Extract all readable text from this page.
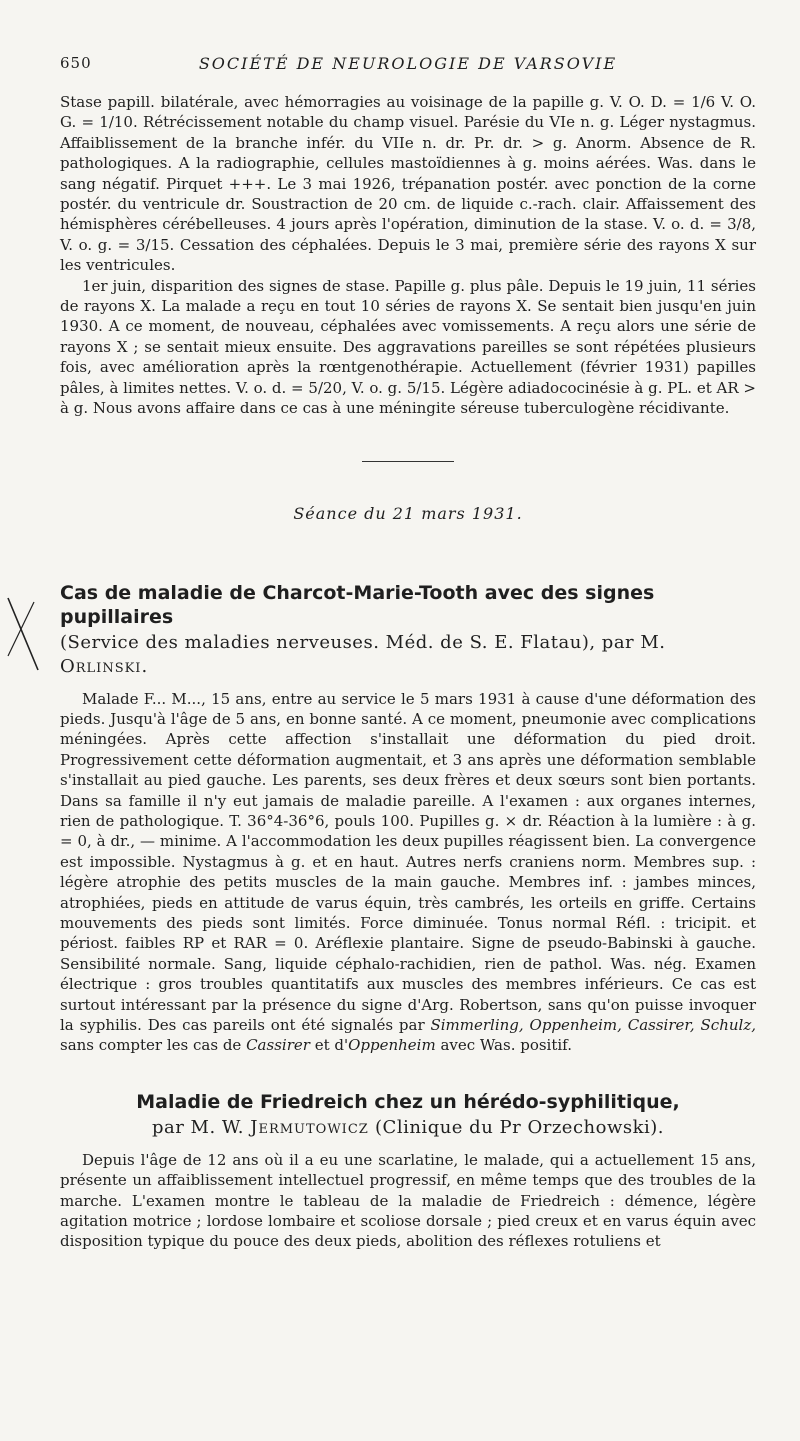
650	SOCIÉTÉ DE NEUROLOGIE DE VARSOVIE

Stase papill. bilatérale, avec hémorragies au voisinage de la papille g. V. O. D. = 1/6 V. O. G. = 1/10. Rétrécissement notable du champ visuel. Parésie du VIe n. g. Léger nystagmus. Affaiblissement de la branche infér. du VIIe n. dr. Pr. dr. > g. Anorm. Absence de R. pathologiques. A la radiographie, cellules mastoïdiennes à g. moins aérées. Was. dans le sang négatif. Pirquet +++. Le 3 mai 1926, trépanation postér. avec ponction de la corne postér. du ventricule dr. Soustraction de 20 cm. de liquide c.-rach. clair. Affaissement des hémisphères cérébelleuses. 4 jours après l'opération, diminution de la stase. V. o. d. = 3/8, V. o. g. = 3/15. Cessation des céphalées. Depuis le 3 mai, première série des rayons X sur les ventricules.

1er juin, disparition des signes de stase. Papille g. plus pâle. Depuis le 19 juin, 11 séries de rayons X. La malade a reçu en tout 10 séries de rayons X. Se sentait bien jusqu'en juin 1930. A ce moment, de nouveau, céphalées avec vomissements. A reçu alors une série de rayons X ; se sentait mieux ensuite. Des aggravations pareilles se sont répétées plusieurs fois, avec amélioration après la rœntgenothérapie. Actuellement (février 1931) papilles pâles, à limites nettes. V. o. d. = 5/20, V. o. g. 5/15. Légère adiadococinésie à g. PL. et AR > à g. Nous avons affaire dans ce cas à une méningite séreuse tuberculogène récidivante.

Séance du 21 mars 1931.
Cas de maladie de Charcot-Marie-Tooth avec des signes pupillaires
(Service des maladies nerveuses. Méd. de S. E. Flatau), par M. Orlinski.

Malade F... M..., 15 ans, entre au service le 5 mars 1931 à cause d'une déformation des pieds. Jusqu'à l'âge de 5 ans, en bonne santé. A ce moment, pneumonie avec complications méningées. Après cette affection s'installait une déformation du pied droit. Progressivement cette déformation augmentait, et 3 ans après une déformation semblable s'installait au pied gauche. Les parents, ses deux frères et deux sœurs sont bien portants. Dans sa famille il n'y eut jamais de maladie pareille. A l'examen : aux organes internes, rien de pathologique. T. 36°4-36°6, pouls 100. Pupilles g. × dr. Réaction à la lumière : à g. = 0, à dr., — minime. A l'accommodation les deux pupilles réagissent bien. La convergence est impossible. Nystagmus à g. et en haut. Autres nerfs craniens norm. Membres sup. : légère atrophie des petits muscles de la main gauche. Membres inf. : jambes minces, atrophiées, pieds en attitude de varus équin, très cambrés, les orteils en griffe. Certains mouvements des pieds sont limités. Force diminuée. Tonus normal Réfl. : tricipit. et périost. faibles RP et RAR = 0. Aréflexie plantaire. Signe de pseudo-Babinski à gauche. Sensibilité normale. Sang, liquide céphalo-rachidien, rien de pathol. Was. nég. Examen électrique : gros troubles quantitatifs aux muscles des membres inférieurs. Ce cas est surtout intéressant par la présence du signe d'Arg. Robertson, sans qu'on puisse invoquer la syphilis. Des cas pareils ont été signalés par Simmerling, Oppenheim, Cassirer, Schulz, sans compter les cas de Cassirer et d'Oppenheim avec Was. positif.

Maladie de Friedreich chez un hérédo-syphilitique,
par M. W. Jermutowicz (Clinique du Pr Orzechowski).

Depuis l'âge de 12 ans où il a eu une scarlatine, le malade, qui a actuellement 15 ans, présente un affaiblissement intellectuel progressif, en même temps que des troubles de la marche. L'examen montre le tableau de la maladie de Friedreich : démence, légère agitation motrice ; lordose lombaire et scoliose dorsale ; pied creux et en varus équin avec disposition typique du pouce des deux pieds, abolition des réflexes rotuliens et
